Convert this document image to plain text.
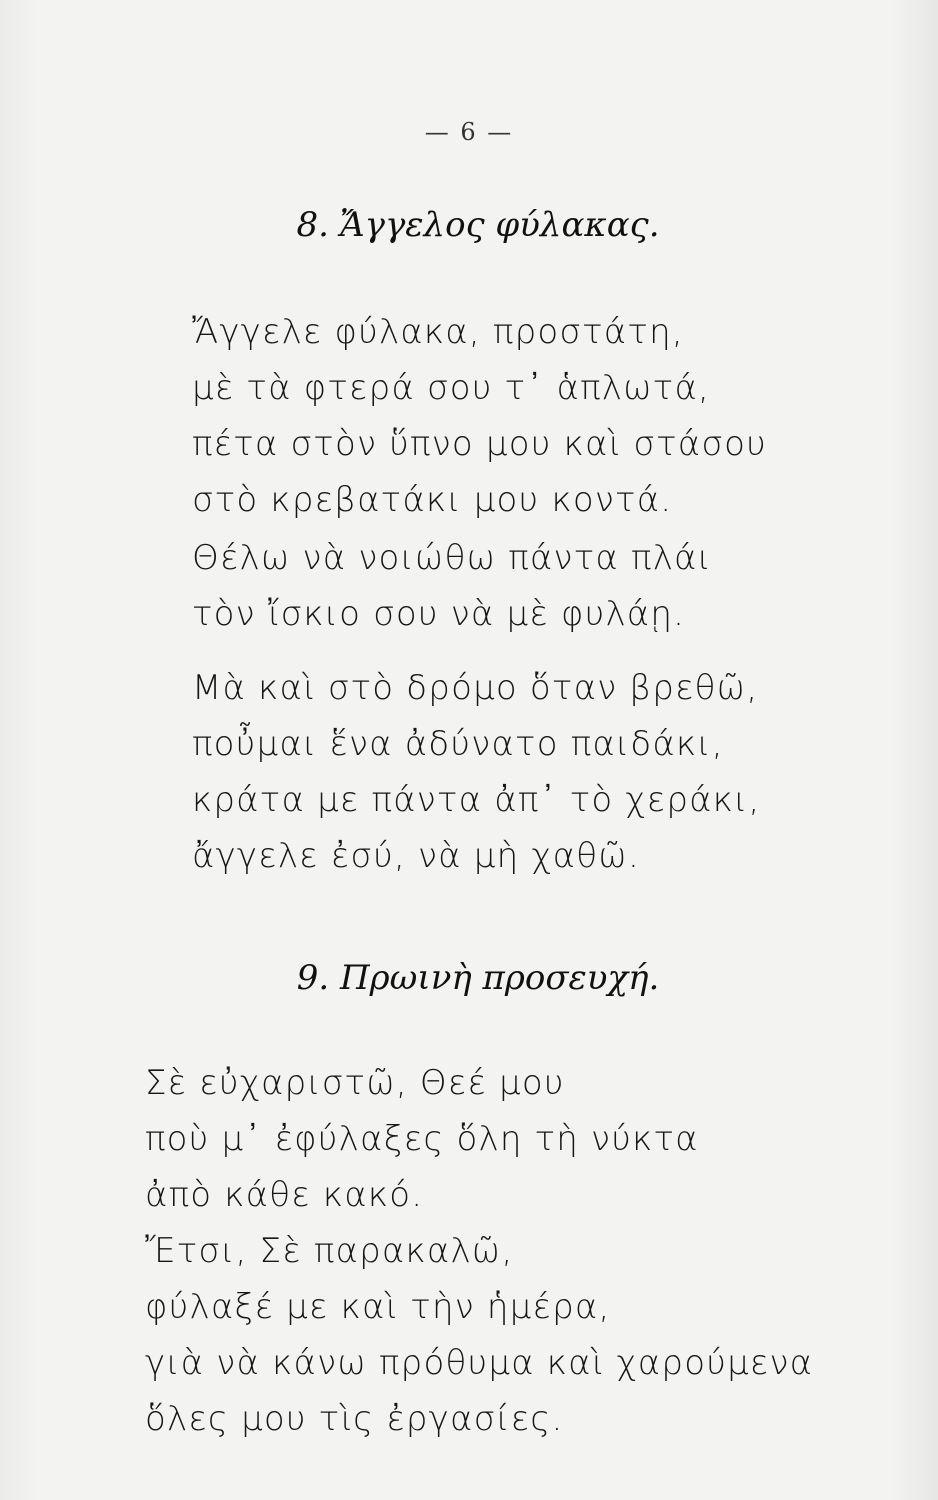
— 6 —
8. Ἄγγελος φύλακας.
Ἄγγελε φύλακα, προστάτη,
μὲ τὰ φτερά σου τ᾽ ἁπλωτά,
πέτα στὸν ὕπνο μου καὶ στάσου
στὸ κρεβατάκι μου κοντά.
Θέλω νὰ νοιώθω πάντα πλάι
τὸν ἴσκιο σου νὰ μὲ φυλάῃ.
Μὰ καὶ στὸ δρόμο ὅταν βρεθῶ,
ποὖμαι ἕνα ἀδύνατο παιδάκι,
κράτα με πάντα ἀπ᾽ τὸ χεράκι,
ἄγγελε ἐσύ, νὰ μὴ χαθῶ.
9. Πρωινὴ προσευχή.
Σὲ εὐχαριστῶ, Θεέ μου
ποὺ μ᾽ ἐφύλαξες ὅλη τὴ νύκτα
ἀπὸ κάθε κακό.
Ἔτσι, Σὲ παρακαλῶ,
φύλαξέ με καὶ τὴν ἡμέρα,
γιὰ νὰ κάνω πρόθυμα καὶ χαρούμενα
ὅλες μου τὶς ἐργασίες.
